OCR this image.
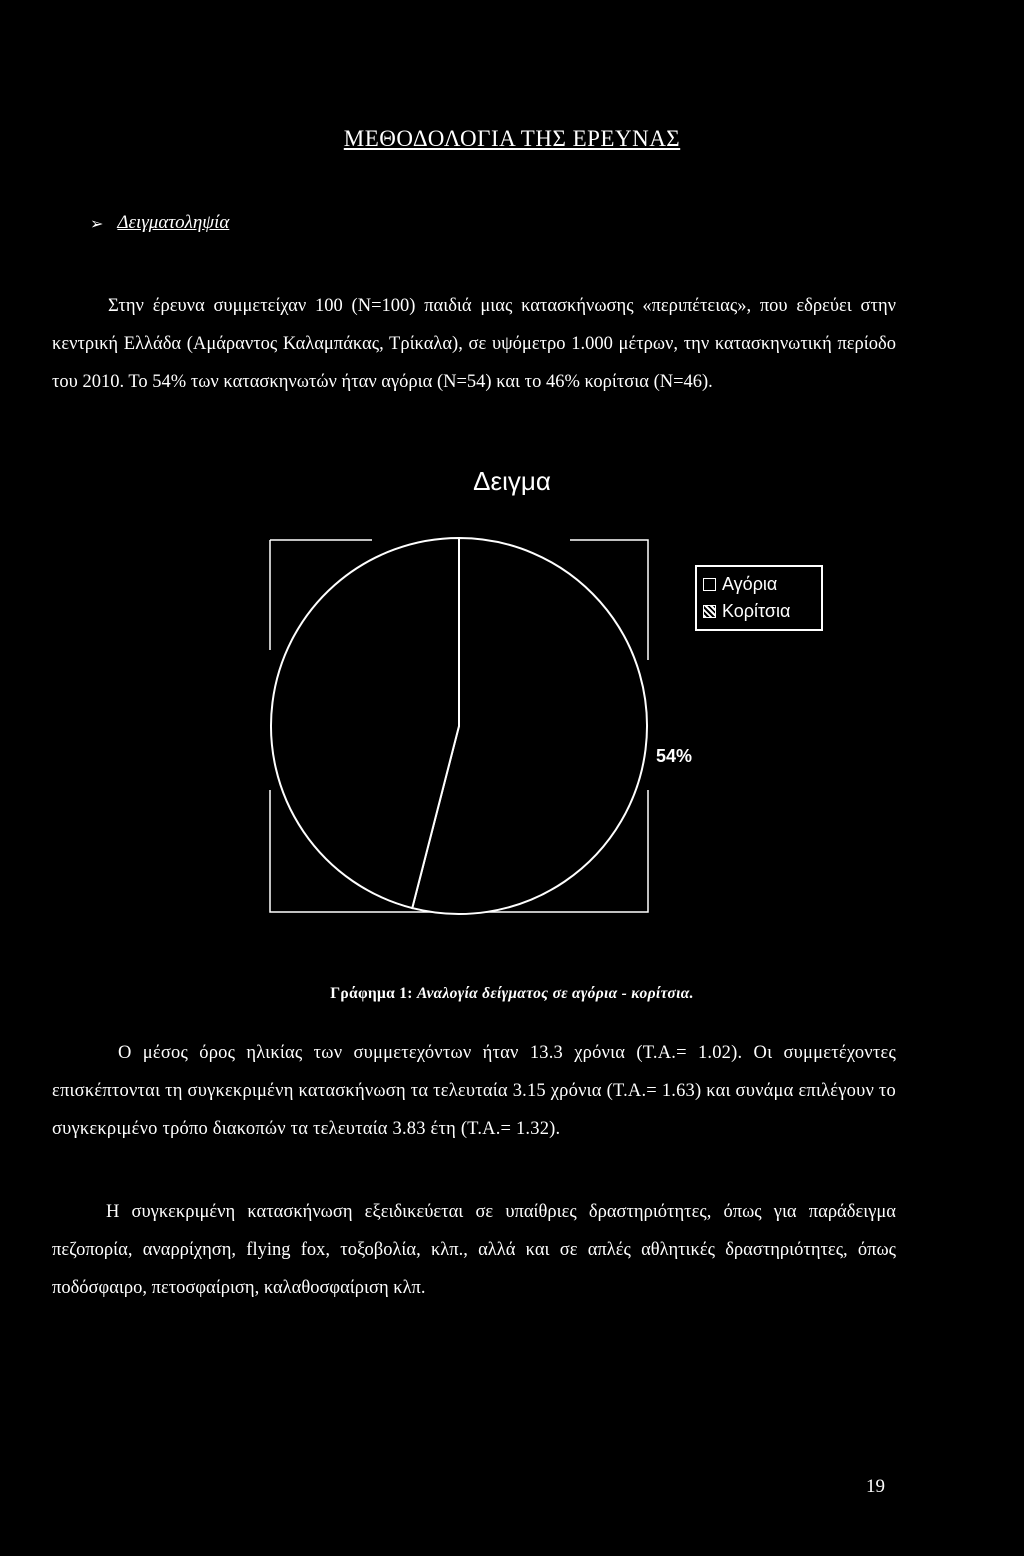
ΜΕΘΟΔΟΛΟΓΙΑ ΤΗΣ ΕΡΕΥΝΑΣ
➢ Δειγματοληψία

Στην έρευνα συμμετείχαν 100 (Ν=100) παιδιά μιας κατασκήνωσης «περιπέτειας», που εδρεύει στην κεντρική Ελλάδα (Αμάραντος Καλαμπάκας, Τρίκαλα), σε υψόμετρο 1.000 μέτρων, την κατασκηνωτική περίοδο του 2010. Το 54% των κατασκηνωτών ήταν αγόρια (Ν=54) και το 46% κορίτσια (Ν=46).

Δειγμα
Αγόρια
Κορίτσια
54%
Γράφημα 1: Αναλογία δείγματος σε αγόρια - κορίτσια.

Ο μέσος όρος ηλικίας των συμμετεχόντων ήταν 13.3 χρόνια (Τ.Α.= 1.02). Οι συμμετέχοντες επισκέπτονται τη συγκεκριμένη κατασκήνωση τα τελευταία 3.15 χρόνια (Τ.Α.= 1.63) και συνάμα επιλέγουν το συγκεκριμένο τρόπο διακοπών τα τελευταία 3.83 έτη (Τ.Α.= 1.32).

Η συγκεκριμένη κατασκήνωση εξειδικεύεται σε υπαίθριες δραστηριότητες, όπως για παράδειγμα πεζοπορία, αναρρίχηση, flying fox, τοξοβολία, κλπ., αλλά και σε απλές αθλητικές δραστηριότητες, όπως ποδόσφαιρο, πετοσφαίριση, καλαθοσφαίριση κλπ.

19
